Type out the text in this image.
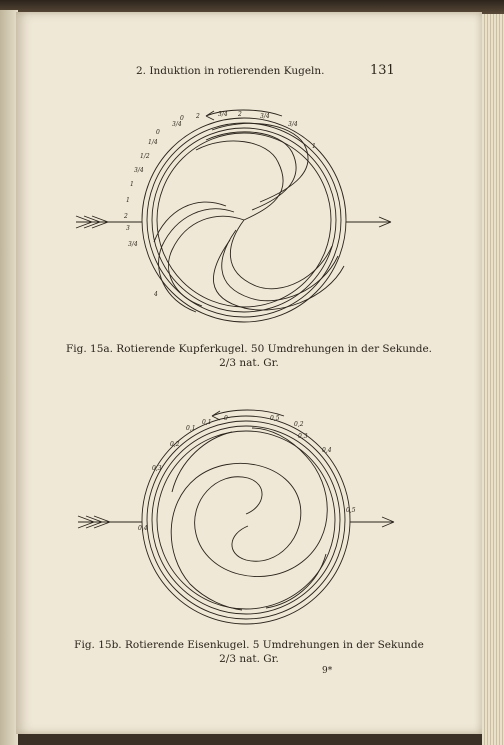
2. Induktion in rotierenden Kugeln.	131
3/4
0
1/4
1/2
3/4
1
1
2
3
3/4
2	3/4 2	3/4
3/4
1
4
0
Fig. 15a. Rotierende Kupferkugel. 50 Umdrehungen in der Sekunde.
2/3 nat. Gr.
0,1
0
0,1
0,2
0,3
0,4
0,5
0,2
0,3
0,4
0,5
Fig. 15b. Rotierende Eisenkugel. 5 Umdrehungen in der Sekunde
2/3 nat. Gr.
9*
